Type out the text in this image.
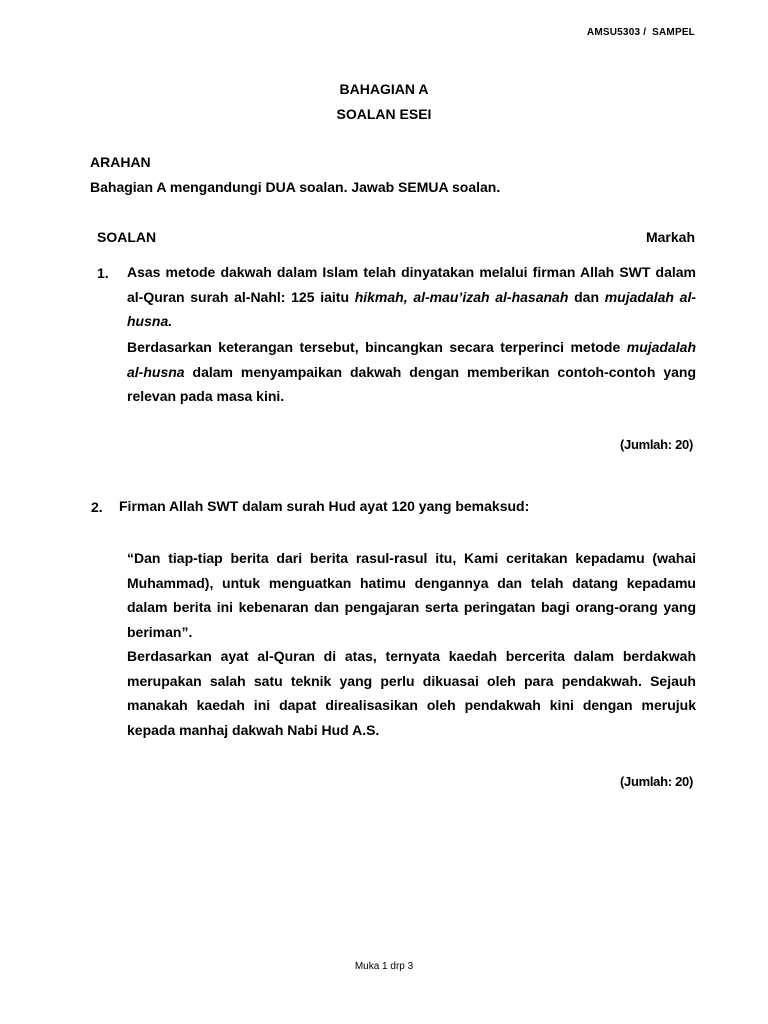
AMSU5303 /  SAMPEL
BAHAGIAN A
SOALAN ESEI
ARAHAN
Bahagian A mengandungi DUA soalan. Jawab SEMUA soalan.
SOALAN	Markah
1. Asas metode dakwah dalam Islam telah dinyatakan melalui firman Allah SWT dalam al-Quran surah al-Nahl: 125 iaitu hikmah, al-mau’izah al-hasanah dan mujadalah al-husna.
Berdasarkan keterangan tersebut, bincangkan secara terperinci metode mujadalah al-husna dalam menyampaikan dakwah dengan memberikan contoh-contoh yang relevan pada masa kini.
(Jumlah: 20)
2. Firman Allah SWT dalam surah Hud ayat 120 yang bemaksud:
“Dan tiap-tiap berita dari berita rasul-rasul itu, Kami ceritakan kepadamu (wahai Muhammad), untuk menguatkan hatimu dengannya dan telah datang kepadamu dalam berita ini kebenaran dan pengajaran serta peringatan bagi orang-orang yang beriman”.
Berdasarkan ayat al-Quran di atas, ternyata kaedah bercerita dalam berdakwah merupakan salah satu teknik yang perlu dikuasai oleh para pendakwah. Sejauh manakah kaedah ini dapat direalisasikan oleh pendakwah kini dengan merujuk kepada manhaj dakwah Nabi Hud A.S.
(Jumlah: 20)
Muka 1 drp 3
